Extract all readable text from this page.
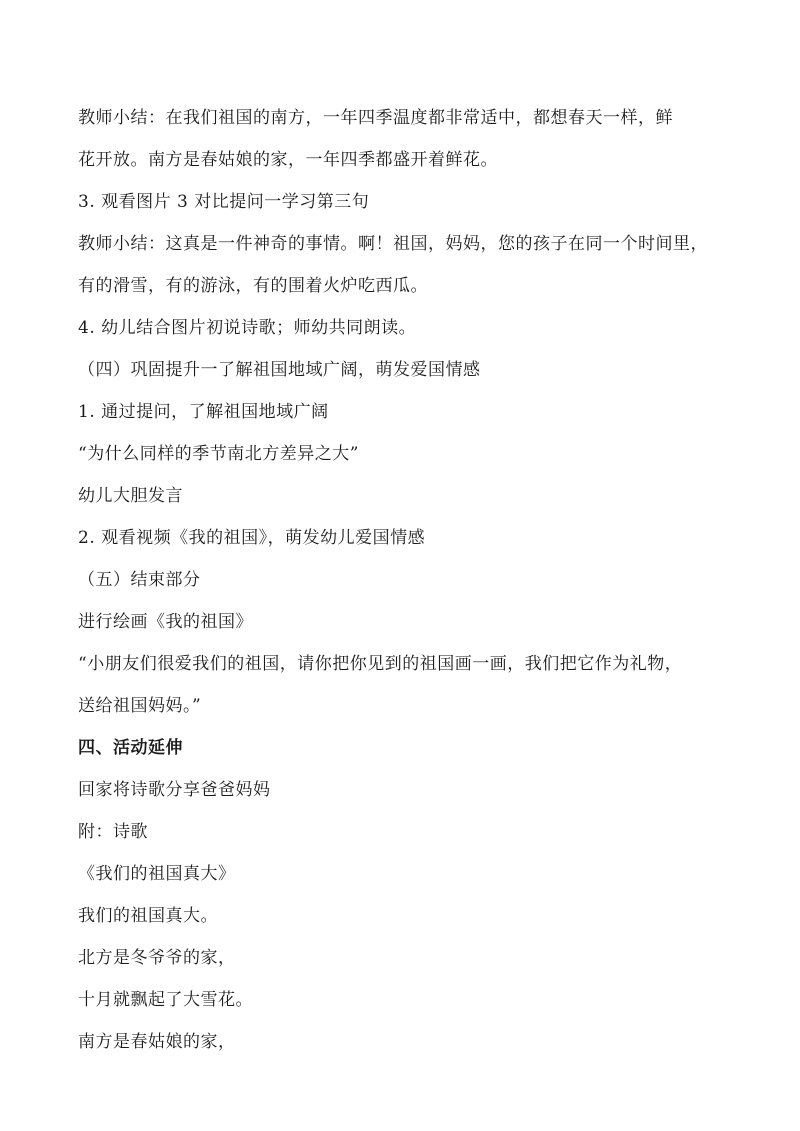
教师小结：在我们祖国的南方，一年四季温度都非常适中，都想春天一样，鲜
花开放。南方是春姑娘的家，一年四季都盛开着鲜花。
3. 观看图片 3 对比提问一学习第三句
教师小结：这真是一件神奇的事情。啊！祖国，妈妈，您的孩子在同一个时间里，
有的滑雪，有的游泳，有的围着火炉吃西瓜。
4. 幼儿结合图片初说诗歌；师幼共同朗读。
（四）巩固提升一了解祖国地域广阔，萌发爱国情感
1. 通过提问，了解祖国地域广阔
“为什么同样的季节南北方差异之大”
幼儿大胆发言
2. 观看视频《我的祖国》，萌发幼儿爱国情感
（五）结束部分
进行绘画《我的祖国》
“小朋友们很爱我们的祖国，请你把你见到的祖国画一画，我们把它作为礼物，
送给祖国妈妈。”
四、活动延伸
回家将诗歌分享爸爸妈妈
附：诗歌
《我们的祖国真大》
我们的祖国真大。
北方是冬爷爷的家，
十月就飘起了大雪花。
南方是春姑娘的家，
